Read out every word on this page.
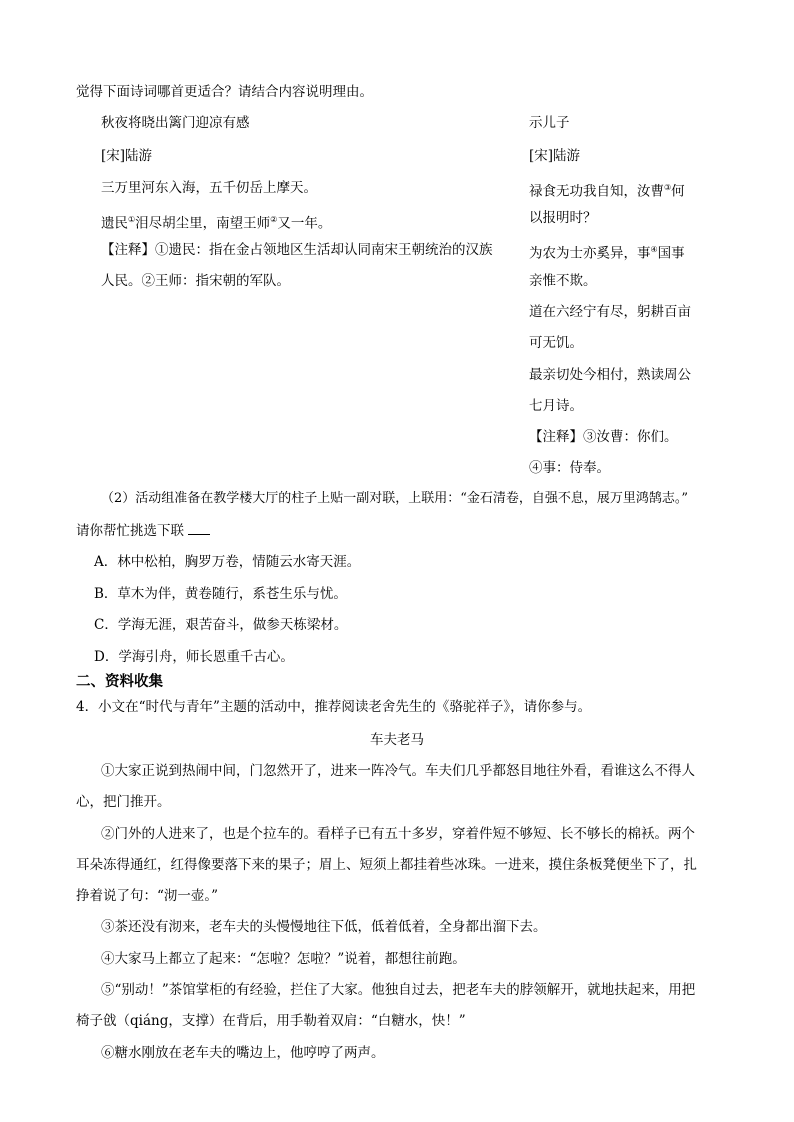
觉得下面诗词哪首更适合？请结合内容说明理由。
秋夜将晓出篱门迎凉有感
[宋]陆游
三万里河东入海，五千仞岳上摩天。
遗民①泪尽胡尘里，南望王师②又一年。
【注释】①遗民：指在金占领地区生活却认同南宋王朝统治的汉族
人民。②王师：指宋朝的军队。
示儿子
[宋]陆游
禄食无功我自知，汝曹③何
以报明时？
为农为士亦奚异，事④国事
亲惟不欺。
道在六经宁有尽，躬耕百亩
可无饥。
最亲切处今相付，熟读周公
七月诗。
【注释】③汝曹：你们。
④事：侍奉。
（2）活动组准备在教学楼大厅的柱子上贴一副对联，上联用：“金石清卷，自强不息，展万里鸿鹄志。”
请你帮忙挑选下联
A．林中松柏，胸罗万卷，情随云水寄天涯。
B．草木为伴，黄卷随行，系苍生乐与忧。
C．学海无涯，艰苦奋斗，做参天栋梁材。
D．学海引舟，师长恩重千古心。
二、资料收集
4．小文在“时代与青年”主题的活动中，推荐阅读老舍先生的《骆驼祥子》，请你参与。
车夫老马
①大家正说到热闹中间，门忽然开了，进来一阵冷气。车夫们几乎都怒目地往外看，看谁这么不得人
心，把门推开。
②门外的人进来了，也是个拉车的。看样子已有五十多岁，穿着件短不够短、长不够长的棉袄。两个
耳朵冻得通红，红得像要落下来的果子；眉上、短须上都挂着些冰珠。一进来，摸住条板凳便坐下了，扎
挣着说了句：“沏一壶。”
③茶还没有沏来，老车夫的头慢慢地往下低，低着低着，全身都出溜下去。
④大家马上都立了起来：“怎啦？怎啦？”说着，都想往前跑。
⑤“别动！”茶馆掌柜的有经验，拦住了大家。他独自过去，把老车夫的脖领解开，就地扶起来，用把
椅子戗（qiáng，支撑）在背后，用手勒着双肩：“白糖水，快！”
⑥糖水刚放在老车夫的嘴边上，他哼哼了两声。
